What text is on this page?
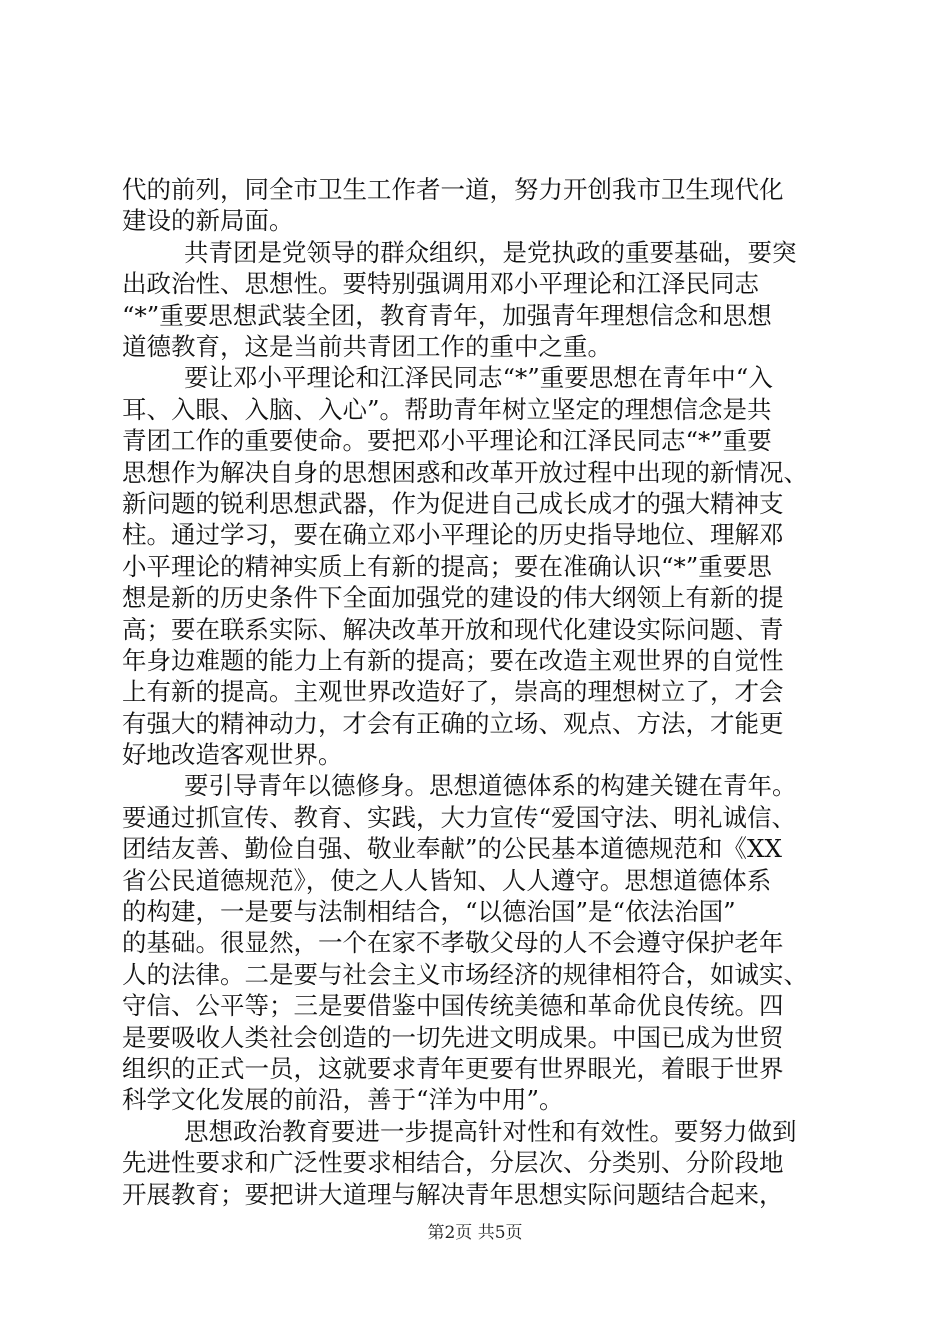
代的前列，同全市卫生工作者一道，努力开创我市卫生现代化
建设的新局面。
共青团是党领导的群众组织，是党执政的重要基础，要突
出政治性、思想性。要特别强调用邓小平理论和江泽民同志
“*”重要思想武装全团，教育青年，加强青年理想信念和思想
道德教育，这是当前共青团工作的重中之重。
要让邓小平理论和江泽民同志“*”重要思想在青年中“入
耳、入眼、入脑、入心”。帮助青年树立坚定的理想信念是共
青团工作的重要使命。要把邓小平理论和江泽民同志“*”重要
思想作为解决自身的思想困惑和改革开放过程中出现的新情况、
新问题的锐利思想武器，作为促进自己成长成才的强大精神支
柱。通过学习，要在确立邓小平理论的历史指导地位、理解邓
小平理论的精神实质上有新的提高；要在准确认识“*”重要思
想是新的历史条件下全面加强党的建设的伟大纲领上有新的提
高；要在联系实际、解决改革开放和现代化建设实际问题、青
年身边难题的能力上有新的提高；要在改造主观世界的自觉性
上有新的提高。主观世界改造好了，崇高的理想树立了，才会
有强大的精神动力，才会有正确的立场、观点、方法，才能更
好地改造客观世界。
要引导青年以德修身。思想道德体系的构建关键在青年。
要通过抓宣传、教育、实践，大力宣传“爱国守法、明礼诚信、
团结友善、勤俭自强、敬业奉献”的公民基本道德规范和《XX
省公民道德规范》，使之人人皆知、人人遵守。思想道德体系
的构建，一是要与法制相结合，“以德治国”是“依法治国”
的基础。很显然，一个在家不孝敬父母的人不会遵守保护老年
人的法律。二是要与社会主义市场经济的规律相符合，如诚实、
守信、公平等；三是要借鉴中国传统美德和革命优良传统。四
是要吸收人类社会创造的一切先进文明成果。中国已成为世贸
组织的正式一员，这就要求青年更要有世界眼光，着眼于世界
科学文化发展的前沿，善于“洋为中用”。
思想政治教育要进一步提高针对性和有效性。要努力做到
先进性要求和广泛性要求相结合，分层次、分类别、分阶段地
开展教育；要把讲大道理与解决青年思想实际问题结合起来，
第2页 共5页
